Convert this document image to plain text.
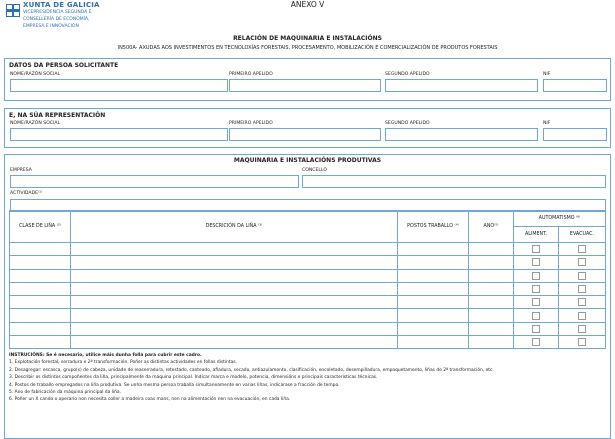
XUNTA DE GALICIA
VICEPRESIDENCIA SEGUNDA E
CONSELLERÍA DE ECONOMÍA,
EMPRESA E INNOVACIÓN
ANEXO V
RELACIÓN DE MAQUINARIA E INSTALACIÓNS
IN500A- AXUDAS AOS INVESTIMENTOS EN TECNOLOXÍAS FORESTAIS, PROCESAMENTO, MOBILIZACIÓN E COMERCIALIZACIÓN DE PRODUTOS FORESTAIS
DATOS DA PERSOA SOLICITANTE
NOME/RAZÓN SOCIAL	PRIMEIRO APELIDO	SEGUNDO APELIDO	NIF
E, NA SÚA REPRESENTACIÓN
NOME/RAZÓN SOCIAL	PRIMEIRO APELIDO	SEGUNDO APELIDO	NIF
MAQUINARIA E INSTALACIÓNS PRODUTIVAS
EMPRESA	CONCELLO
ACTIVIDADE⁽¹⁾
CLASE DE LIÑA ⁽²⁾	DESCRICIÓN DA LIÑA ⁽³⁾	POSTOS TRABALLO ⁽⁴⁾	ANO⁽⁵⁾	AUTOMATISMO ⁽⁶⁾	
				ALIMENT.	EVACUAC.

INSTRUCIÓNS: Se é necesario, utilice máis dunha folla para cubrir este cadro.
1. Explotación forestal, serradura e 2ª transformación. Poñer as distintas actividades en follas distintas.
2. Desagregar: escasca, grupo(s) de cabeza, unidade de reaserradura, retestado, canteado, afiadura, secado, antiazulamento, clasificación, encoletado, desempilladura, empaquetamento, liñas de 2ª transformación, etc.
3. Describir os distintos compoñentes da liña, principalmente da máquina principal. Indicar marca e modelo, potencia, dimensións e principais características técnicas.
4. Postos de traballo empregados na liña produtiva. Se unha mesma persoa traballa simultaneamente en varias liñas, indicarase a fracción de tempo.
5. Ano de fabricación da máquina principal da liña.
6. Poñer un X cando o operario non necesita coller a madeira coas mans, nen na alimentación nen na evacuación, en cada liña.
